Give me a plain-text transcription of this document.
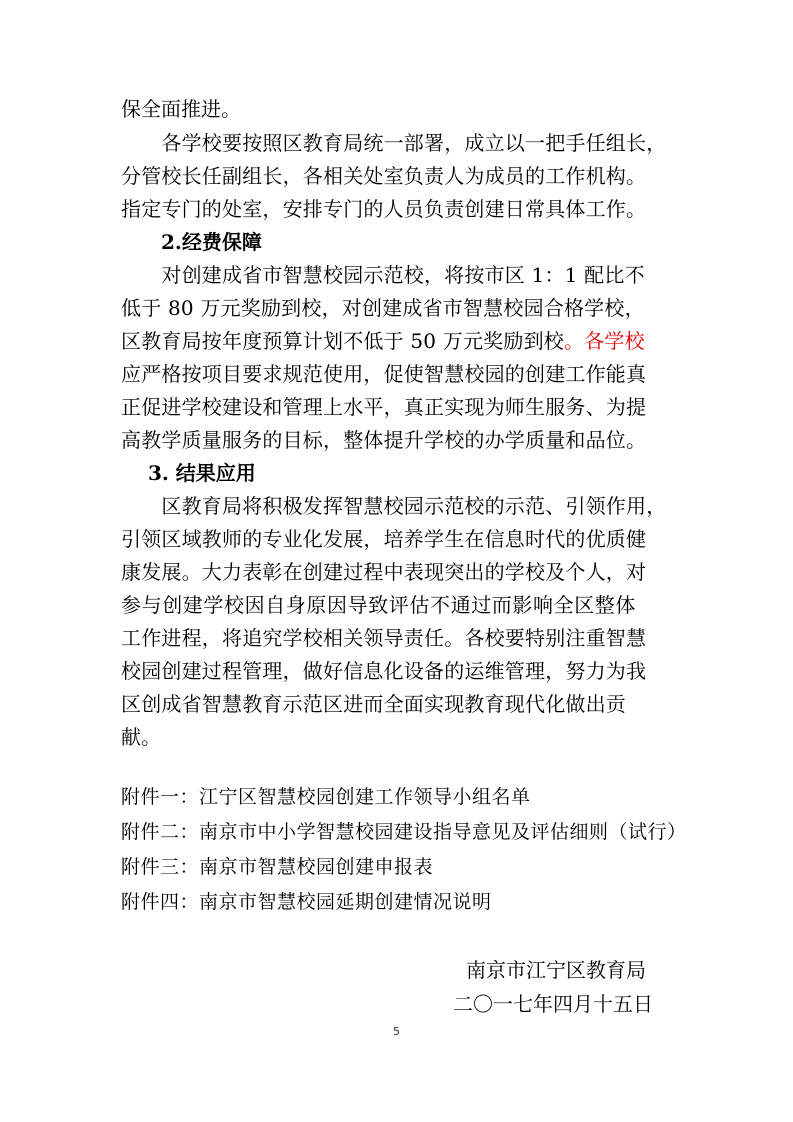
保全面推进。

　　各学校要按照区教育局统一部署，成立以一把手任组长，

分管校长任副组长，各相关处室负责人为成员的工作机构。

指定专门的处室，安排专门的人员负责创建日常具体工作。

　　2.经费保障

　　对创建成省市智慧校园示范校，将按市区 1：1 配比不

低于 80 万元奖励到校，对创建成省市智慧校园合格学校，

区教育局按年度预算计划不低于 50 万元奖励到校。各学校

应严格按项目要求规范使用，促使智慧校园的创建工作能真

正促进学校建设和管理上水平，真正实现为师生服务、为提

高教学质量服务的目标，整体提升学校的办学质量和品位。

　 3. 结果应用

　　区教育局将积极发挥智慧校园示范校的示范、引领作用，

引领区域教师的专业化发展，培养学生在信息时代的优质健

康发展。大力表彰在创建过程中表现突出的学校及个人，对

参与创建学校因自身原因导致评估不通过而影响全区整体

工作进程，将追究学校相关领导责任。各校要特别注重智慧

校园创建过程管理，做好信息化设备的运维管理，努力为我

区创成省智慧教育示范区进而全面实现教育现代化做出贡

献。

附件一：江宁区智慧校园创建工作领导小组名单

附件二：南京市中小学智慧校园建设指导意见及评估细则（试行）

附件三：南京市智慧校园创建申报表

附件四：南京市智慧校园延期创建情况说明

南京市江宁区教育局

二〇一七年四月十五日

5
